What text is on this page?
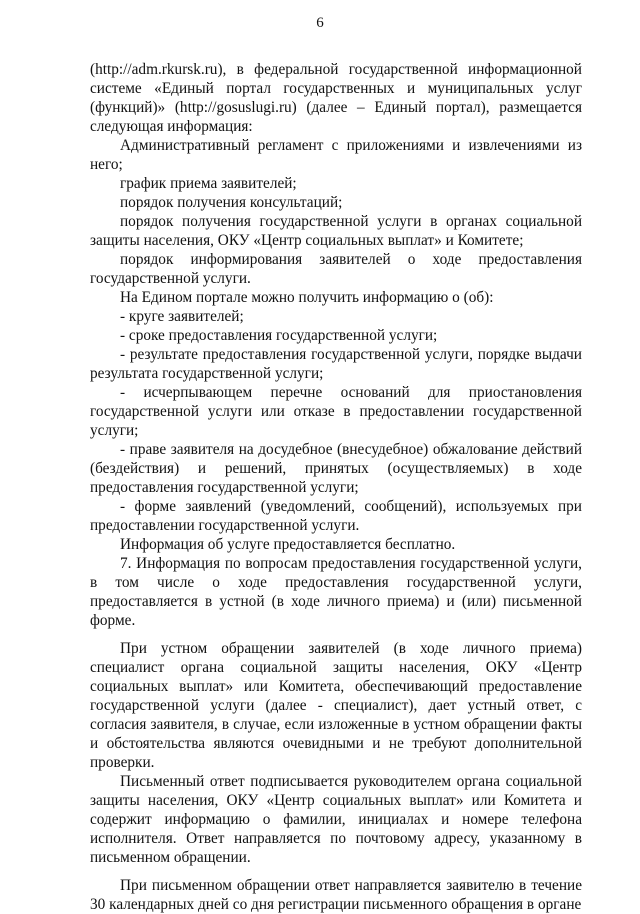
6

(http://adm.rkursk.ru), в федеральной государственной информационной системе «Единый портал государственных и муниципальных услуг (функций)» (http://gosuslugi.ru) (далее – Единый портал), размещается следующая информация:

Административный регламент с приложениями и извлечениями из него;

график приема заявителей;

порядок получения консультаций;

порядок получения государственной услуги в органах социальной защиты населения, ОКУ «Центр социальных выплат» и Комитете;

порядок информирования заявителей о ходе предоставления государственной услуги.

На Едином портале можно получить информацию о (об):

- круге заявителей;

- сроке предоставления государственной услуги;

- результате предоставления государственной услуги, порядке выдачи результата государственной услуги;

- исчерпывающем перечне оснований для приостановления государственной услуги или отказе в предоставлении государственной услуги;

- праве заявителя на досудебное (внесудебное) обжалование действий (бездействия) и решений, принятых (осуществляемых) в ходе предоставления государственной услуги;

- форме заявлений (уведомлений, сообщений), используемых при предоставлении государственной услуги.

Информация об услуге предоставляется бесплатно.

7. Информация по вопросам предоставления государственной услуги, в том числе о ходе предоставления государственной услуги, предоставляется в устной (в ходе личного приема) и (или) письменной форме.

При устном обращении заявителей (в ходе личного приема) специалист органа социальной защиты населения, ОКУ «Центр социальных выплат» или Комитета, обеспечивающий предоставление государственной услуги (далее - специалист), дает устный ответ, с согласия заявителя, в случае, если изложенные в устном обращении факты и обстоятельства являются очевидными и не требуют дополнительной проверки.

Письменный ответ подписывается руководителем органа социальной защиты населения, ОКУ «Центр социальных выплат» или Комитета и содержит информацию о фамилии, инициалах и номере телефона исполнителя. Ответ направляется по почтовому адресу, указанному в письменном обращении.

При письменном обращении ответ направляется заявителю в течение 30 календарных дней со дня регистрации письменного обращения в органе
